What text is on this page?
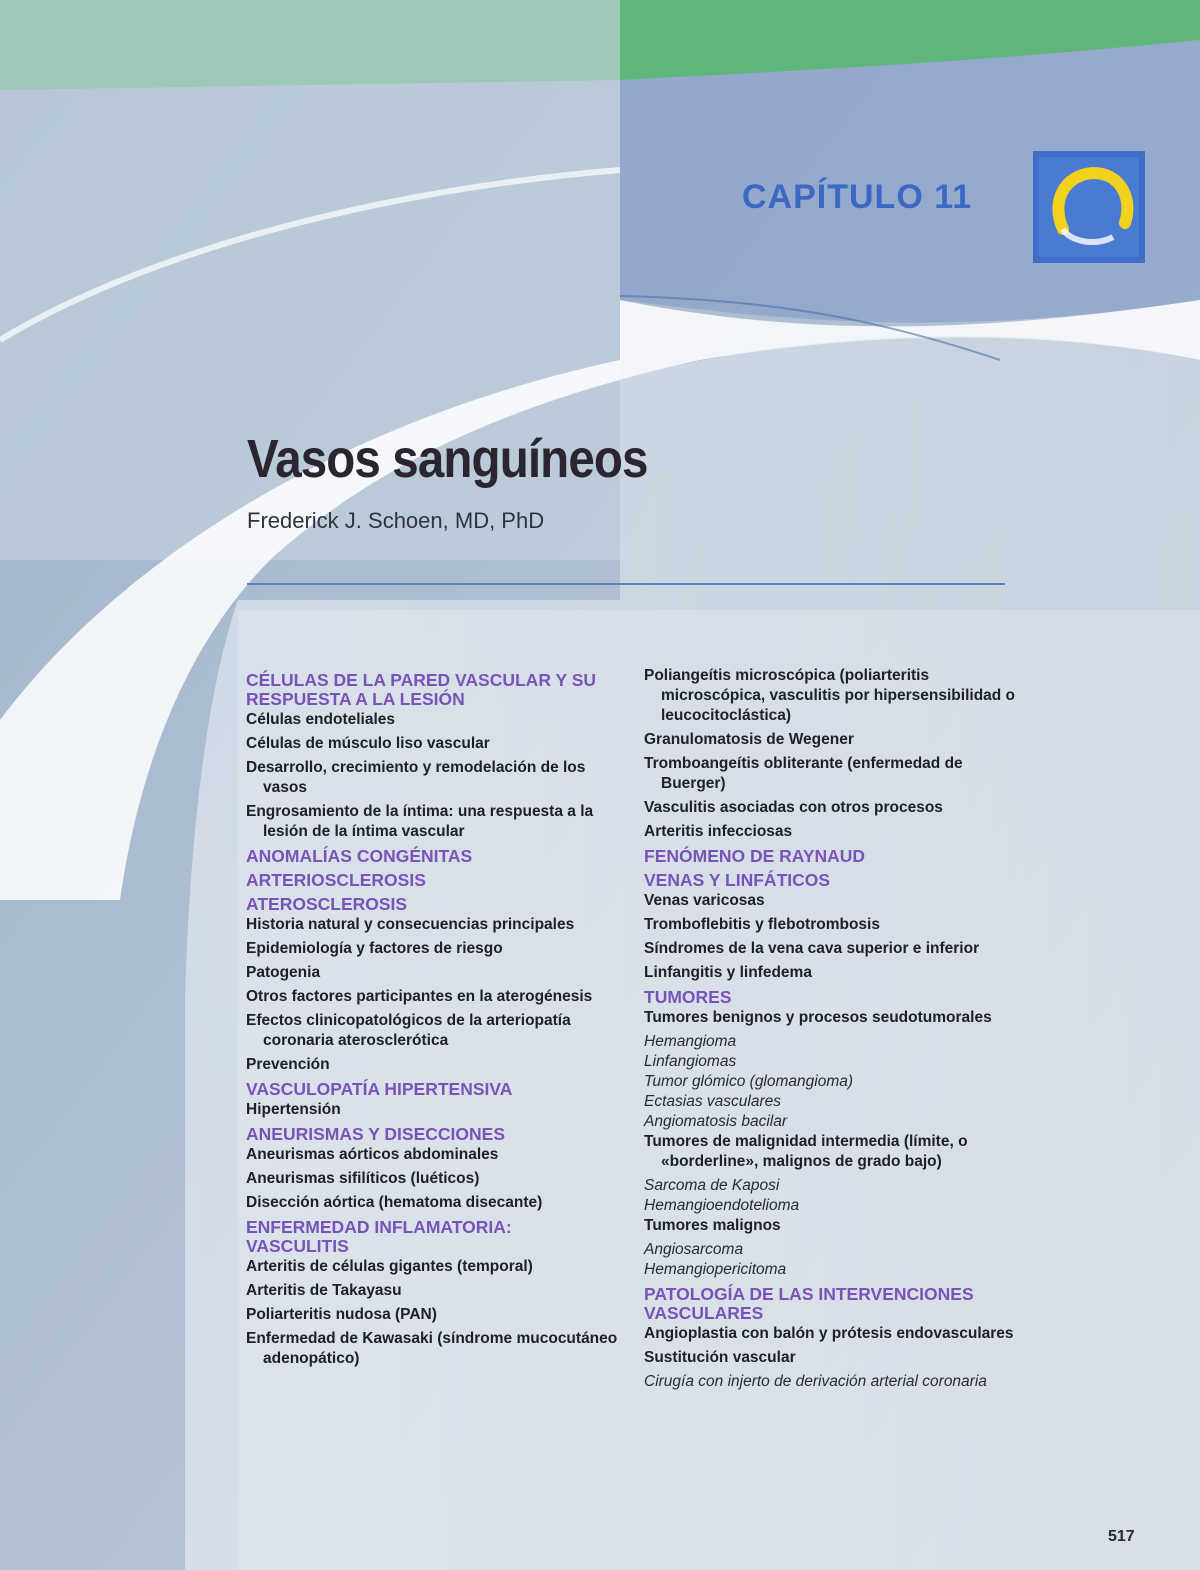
CAPÍTULO 11
Vasos sanguíneos
Frederick J. Schoen, MD, PhD
CÉLULAS DE LA PARED VASCULAR Y SU RESPUESTA A LA LESIÓN
Células endoteliales
Células de músculo liso vascular
Desarrollo, crecimiento y remodelación de los vasos
Engrosamiento de la íntima: una respuesta a la lesión de la íntima vascular
ANOMALÍAS CONGÉNITAS
ARTERIOSCLEROSIS
ATEROSCLEROSIS
Historia natural y consecuencias principales
Epidemiología y factores de riesgo
Patogenia
Otros factores participantes en la aterogénesis
Efectos clinicopatológicos de la arteriopatía coronaria aterosclerótica
Prevención
VASCULOPATÍA HIPERTENSIVA
Hipertensión
ANEURISMAS Y DISECCIONES
Aneurismas aórticos abdominales
Aneurismas sifilíticos (luéticos)
Disección aórtica (hematoma disecante)
ENFERMEDAD INFLAMATORIA: VASCULITIS
Arteritis de células gigantes (temporal)
Arteritis de Takayasu
Poliarteritis nudosa (PAN)
Enfermedad de Kawasaki (síndrome mucocutáneo adenopático)
Poliangeítis microscópica (poliarteritis microscópica, vasculitis por hipersensibilidad o leucocitoclástica)
Granulomatosis de Wegener
Tromboangeítis obliterante (enfermedad de Buerger)
Vasculitis asociadas con otros procesos
Arteritis infecciosas
FENÓMENO DE RAYNAUD
VENAS Y LINFÁTICOS
Venas varicosas
Tromboflebitis y flebotrombosis
Síndromes de la vena cava superior e inferior
Linfangitis y linfedema
TUMORES
Tumores benignos y procesos seudotumorales
Hemangioma
Linfangiomas
Tumor glómico (glomangioma)
Ectasias vasculares
Angiomatosis bacilar
Tumores de malignidad intermedia (límite, o «borderline», malignos de grado bajo)
Sarcoma de Kaposi
Hemangioendotelioma
Tumores malignos
Angiosarcoma
Hemangiopericitoma
PATOLOGÍA DE LAS INTERVENCIONES VASCULARES
Angioplastia con balón y prótesis endovasculares
Sustitución vascular
Cirugía con injerto de derivación arterial coronaria
517
